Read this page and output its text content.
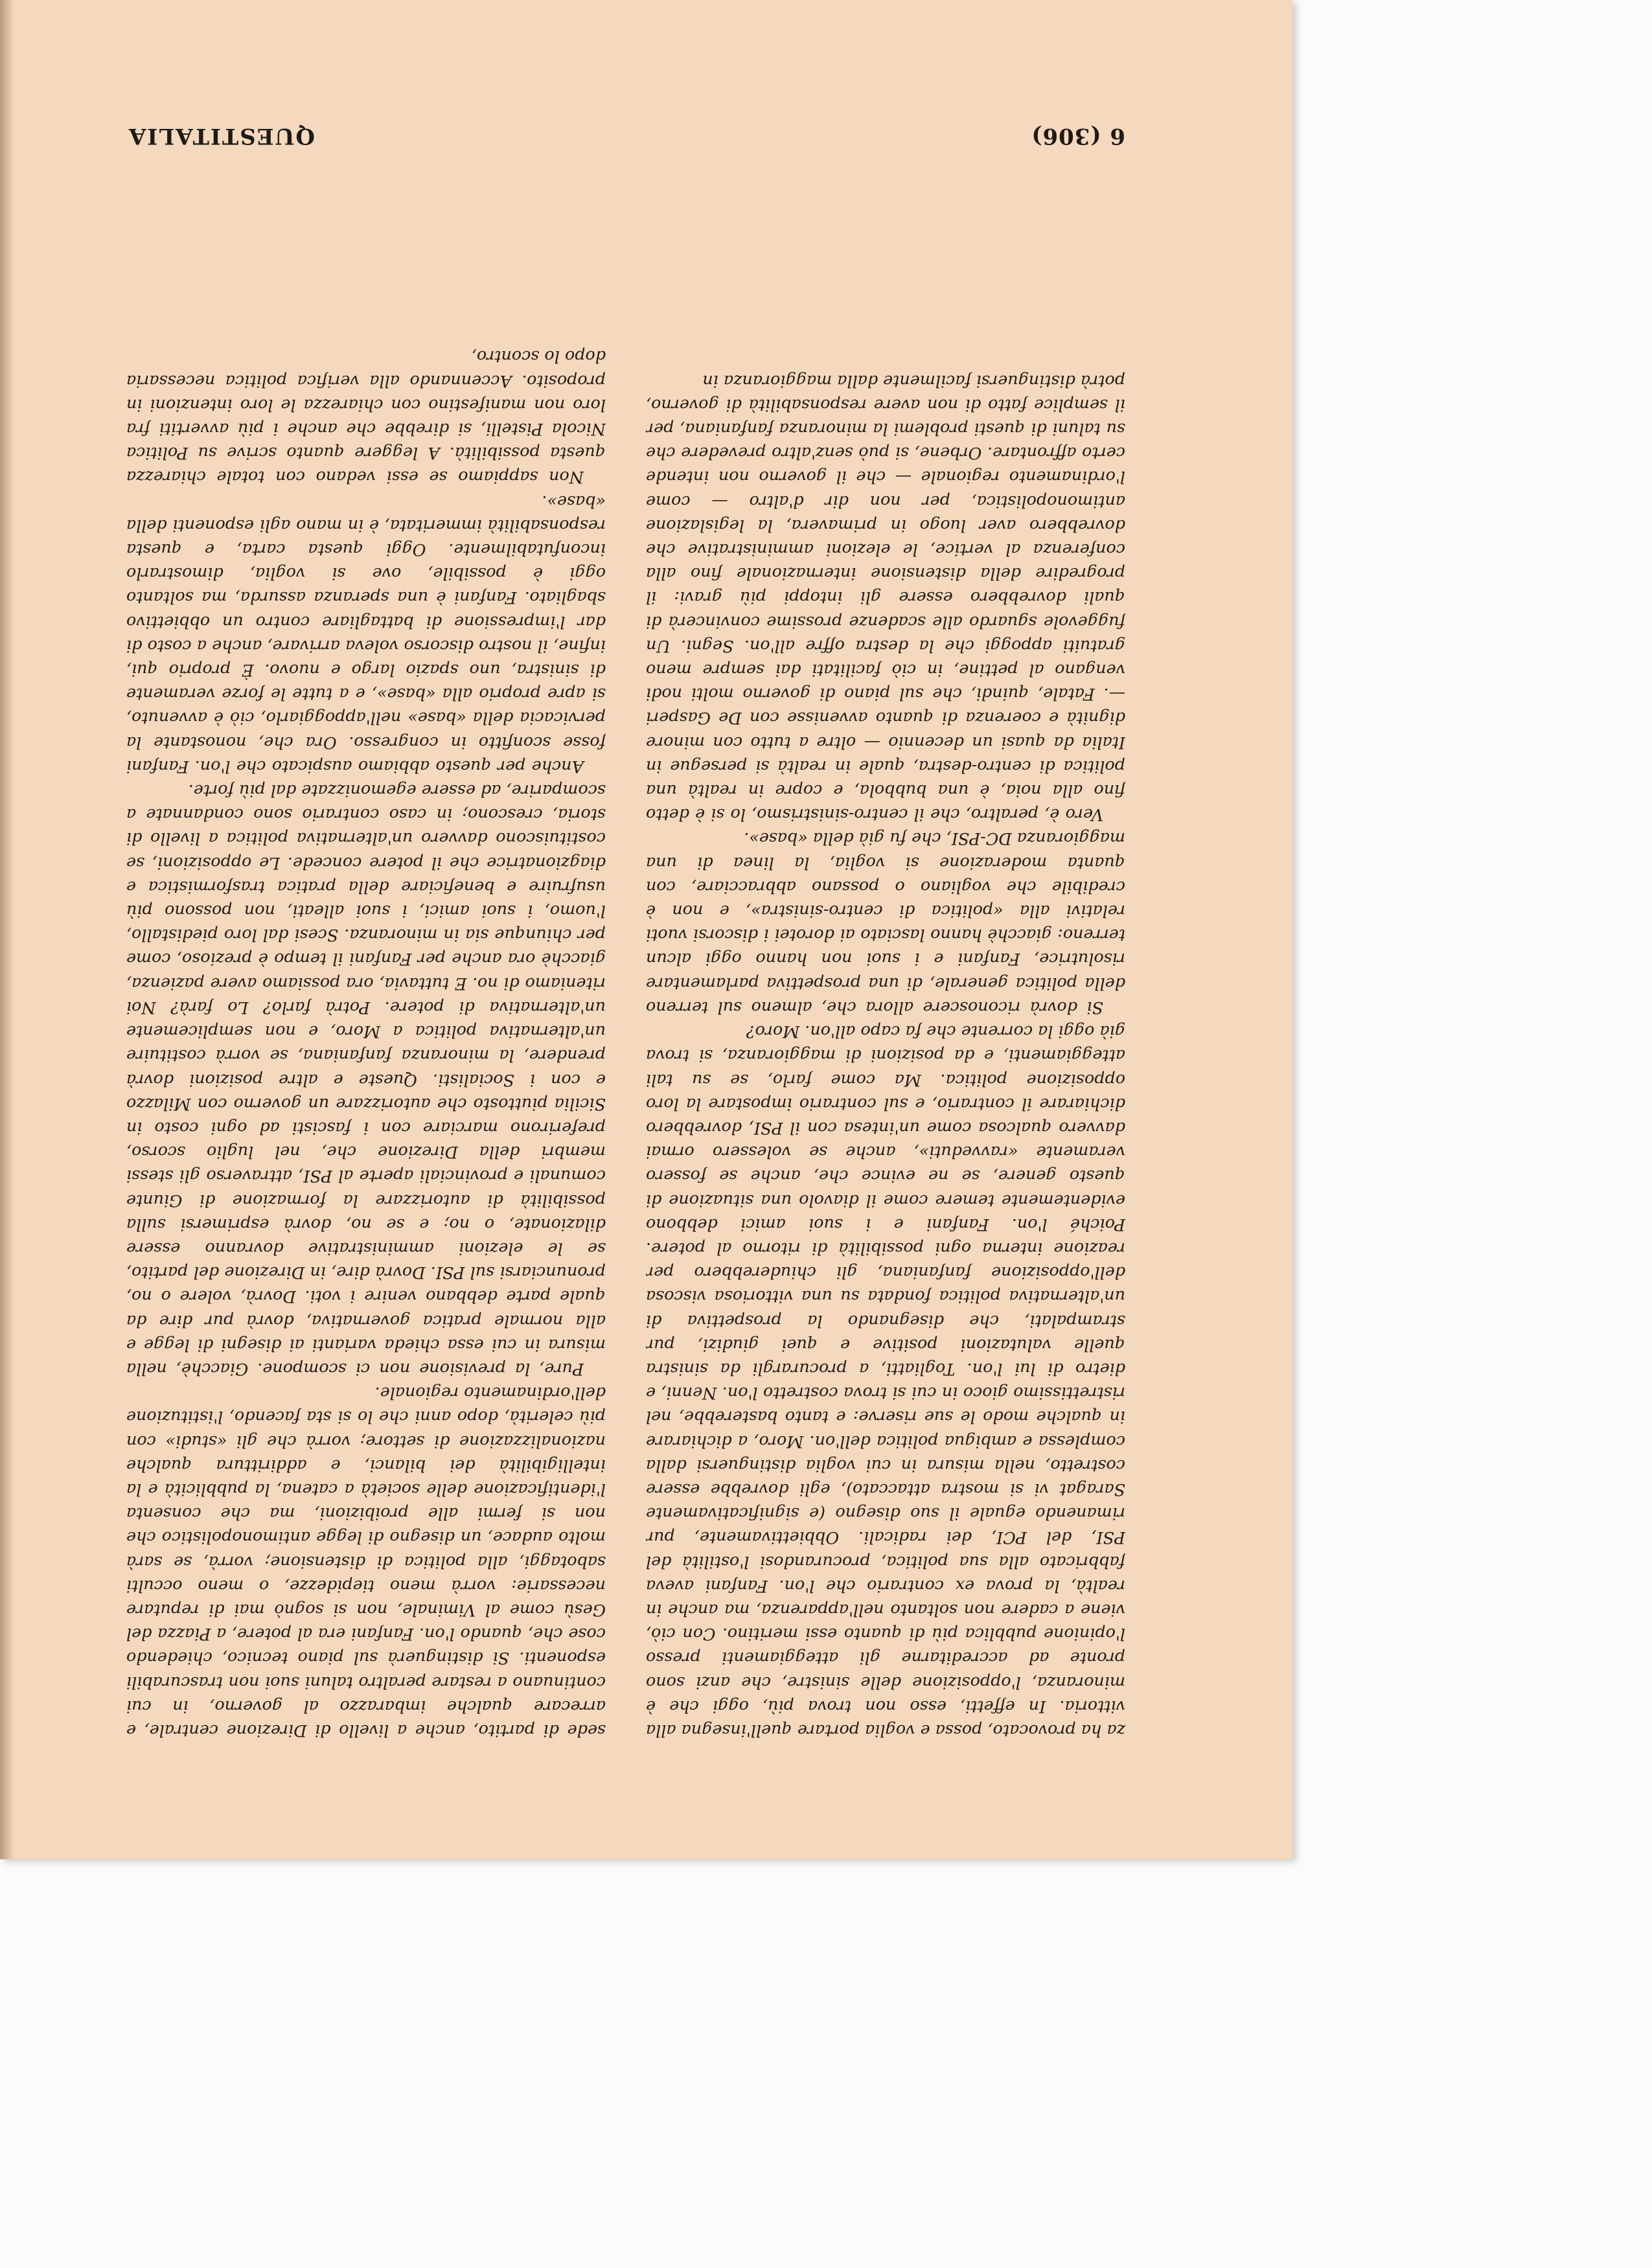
6 (306)
QUESTITALIA

za ha provocato, possa e voglia portare quell'insegna alla vittoria. In effetti, esso non trova più, oggi che è minoranza, l'opposizione delle sinistre, che anzi sono pronte ad accreditarne gli atteggiamenti presso l'opinione pubblica più di quanto essi meritino. Con ciò, viene a cadere non soltanto nell'apparenza, ma anche in realtà, la prova ex contrario che l'on. Fanfani aveva fabbricato alla sua politica, procurandosi l'ostilità del PSI, del PCI, dei radicali. Obbiettivamente, pur rimanendo eguale il suo disegno (e significativamente Saragat vi si mostra attaccato), egli dovrebbe essere costretto, nella misura in cui voglia distinguersi dalla complessa e ambigua politica dell'on. Moro, a dichiarare in qualche modo le sue riserve: e tanto basterebbe, nel ristrettissimo gioco in cui si trova costretto l'on. Nenni, e dietro di lui l'on. Togliatti, a procurargli da sinistra quelle valutazioni positive e quei giudizi, pur strampalati, che disegnando la prospettiva di un'alternativa politica fondata su una vittoriosa viscosa dell'opposizione fanfaniana, gli chiuderebbero per reazione interna ogni possibilità di ritorno al potere. Poiché l'on. Fanfani e i suoi amici debbono evidentemente temere come il diavolo una situazione di questo genere, se ne evince che, anche se fossero veramente «ravveduti», anche se volessero ormai davvero qualcosa come un'intesa con il PSI, dovrebbero dichiarare il contrario, e sul contrario impostare la loro opposizione politica. Ma come farlo, se su tali atteggiamenti, e da posizioni di maggioranza, si trova già oggi la corrente che fa capo all'on. Moro?

Si dovrà riconoscere allora che, almeno sul terreno della politica generale, di una prospettiva parlamentare risolutrice, Fanfani e i suoi non hanno oggi alcun terreno: giacchè hanno lasciato ai dorotei i discorsi vuoti relativi alla «politica di centro-sinistra», e non è credibile che vogliano o possano abbracciare, con quanta moderazione si voglia, la linea di una maggioranza DC-PSI, che fu già della «base».

Vero è, peraltro, che il centro-sinistrismo, lo si è detto fino alla noia, è una bubbola, e copre in realtà una politica di centro-destra, quale in realtà si persegue in Italia da quasi un decennio — oltre a tutto con minore dignità e coerenza di quanto avvenisse con De Gasperi —. Fatale, quindi, che sul piano di governo molti nodi vengano al pettine, in ciò facilitati dai sempre meno gratuiti appoggi che la destra offre all'on. Segni. Un fuggevole sguardo alle scadenze prossime convincerà di quali dovrebbero essere gli intoppi più gravi: il progredire della distensione internazionale fino alla conferenza al vertice, le elezioni amministrative che dovrebbero aver luogo in primavera, la legislazione antimonopolistica, per non dir d'altro — come l'ordinamento regionale — che il governo non intende certo affrontare. Orbene, si può senz'altro prevedere che su taluni di questi problemi la minoranza fanfaniana, per il semplice fatto di non avere responsabilità di governo, potrà distinguersi facilmente dalla maggioranza in

sede di partito, anche a livello di Direzione centrale, e arrecare qualche imbarazzo al governo, in cui continuano a restare peraltro taluni suoi non trascurabili esponenti. Si distinguerà sul piano tecnico, chiedendo cose che, quando l'on. Fanfani era al potere, a Piazza del Gesù come al Viminale, non si sognò mai di reputare necessarie: vorrà meno tiepidezze, o meno occulti sabotaggi, alla politica di distensione; vorrà, se sarà molto audace, un disegno di legge antimonopolistico che non si fermi alle proibizioni, ma che consenta l'identificazione delle società a catena, la pubblicità e la intelligibilità dei bilanci, e addirittura qualche nazionalizzazione di settore; vorrà che gli «studi» con più celerità, dopo anni che lo si sta facendo, l'istituzione dell'ordinamento regionale.

Pure, la previsione non ci scompone. Giacchè, nella misura in cui essa chieda varianti ai disegni di legge e alla normale pratica governativa, dovrà pur dire da quale parte debbano venire i voti. Dovrà, volere o no, pronunciarsi sul PSI. Dovrà dire, in Direzione del partito, se le elezioni amministrative dovranno essere dilazionate, o no; e se no, dovrà esprimersi sulla possibilità di autorizzare la formazione di Giunte comunali e provinciali aperte al PSI, attraverso gli stessi membri della Direzione che, nel luglio scorso, preferirono marciare con i fascisti ad ogni costo in Sicilia piuttosto che autorizzare un governo con Milazzo e con i Socialisti. Queste e altre posizioni dovrà prendere, la minoranza fanfaniana, se vorrà costituire un'alternativa politica a Moro, e non semplicemente un'alternativa di potere. Potrà farlo? Lo farà? Noi riteniamo di no. E tuttavia, ora possiamo avere pazienza, giacchè ora anche per Fanfani il tempo è prezioso, come per chiunque sia in minoranza. Scesi dal loro piedistallo, l'uomo, i suoi amici, i suoi alleati, non possono più usufruire e beneficiare della pratica trasformistica e diagzionatrice che il potere concede. Le opposizioni, se costituiscono davvero un'alternativa politica a livello di storia, crescono; in caso contrario sono condannate a scomparire, ad essere egemonizzate dal più forte.

Anche per questo abbiamo auspicato che l'on. Fanfani fosse sconfitto in congresso. Ora che, nonostante la pervicacia della «base» nell'appoggiarlo, ciò è avvenuto, si apre proprio alla «base», e a tutte le forze veramente di sinistra, uno spazio largo e nuovo. È proprio qui, infine, il nostro discorso voleva arrivare, anche a costo di dar l'impressione di battagliare contro un obbiettivo sbagliato. Fanfani è una speranza assurda, ma soltanto oggi è possibile, ove si voglia, dimostrarlo inconfutabilmente. Oggi questa carta, e questa responsabilità immeritata, è in mano agli esponenti della «base».

Non sappiamo se essi vedano con totale chiarezza questa possibilità. A leggere quanto scrive su Politica Nicola Pistelli, si direbbe che anche i più avvertiti fra loro non manifestino con chiarezza le loro intenzioni in proposito. Accennando alla verifica politica necessaria dopo lo scontro,
